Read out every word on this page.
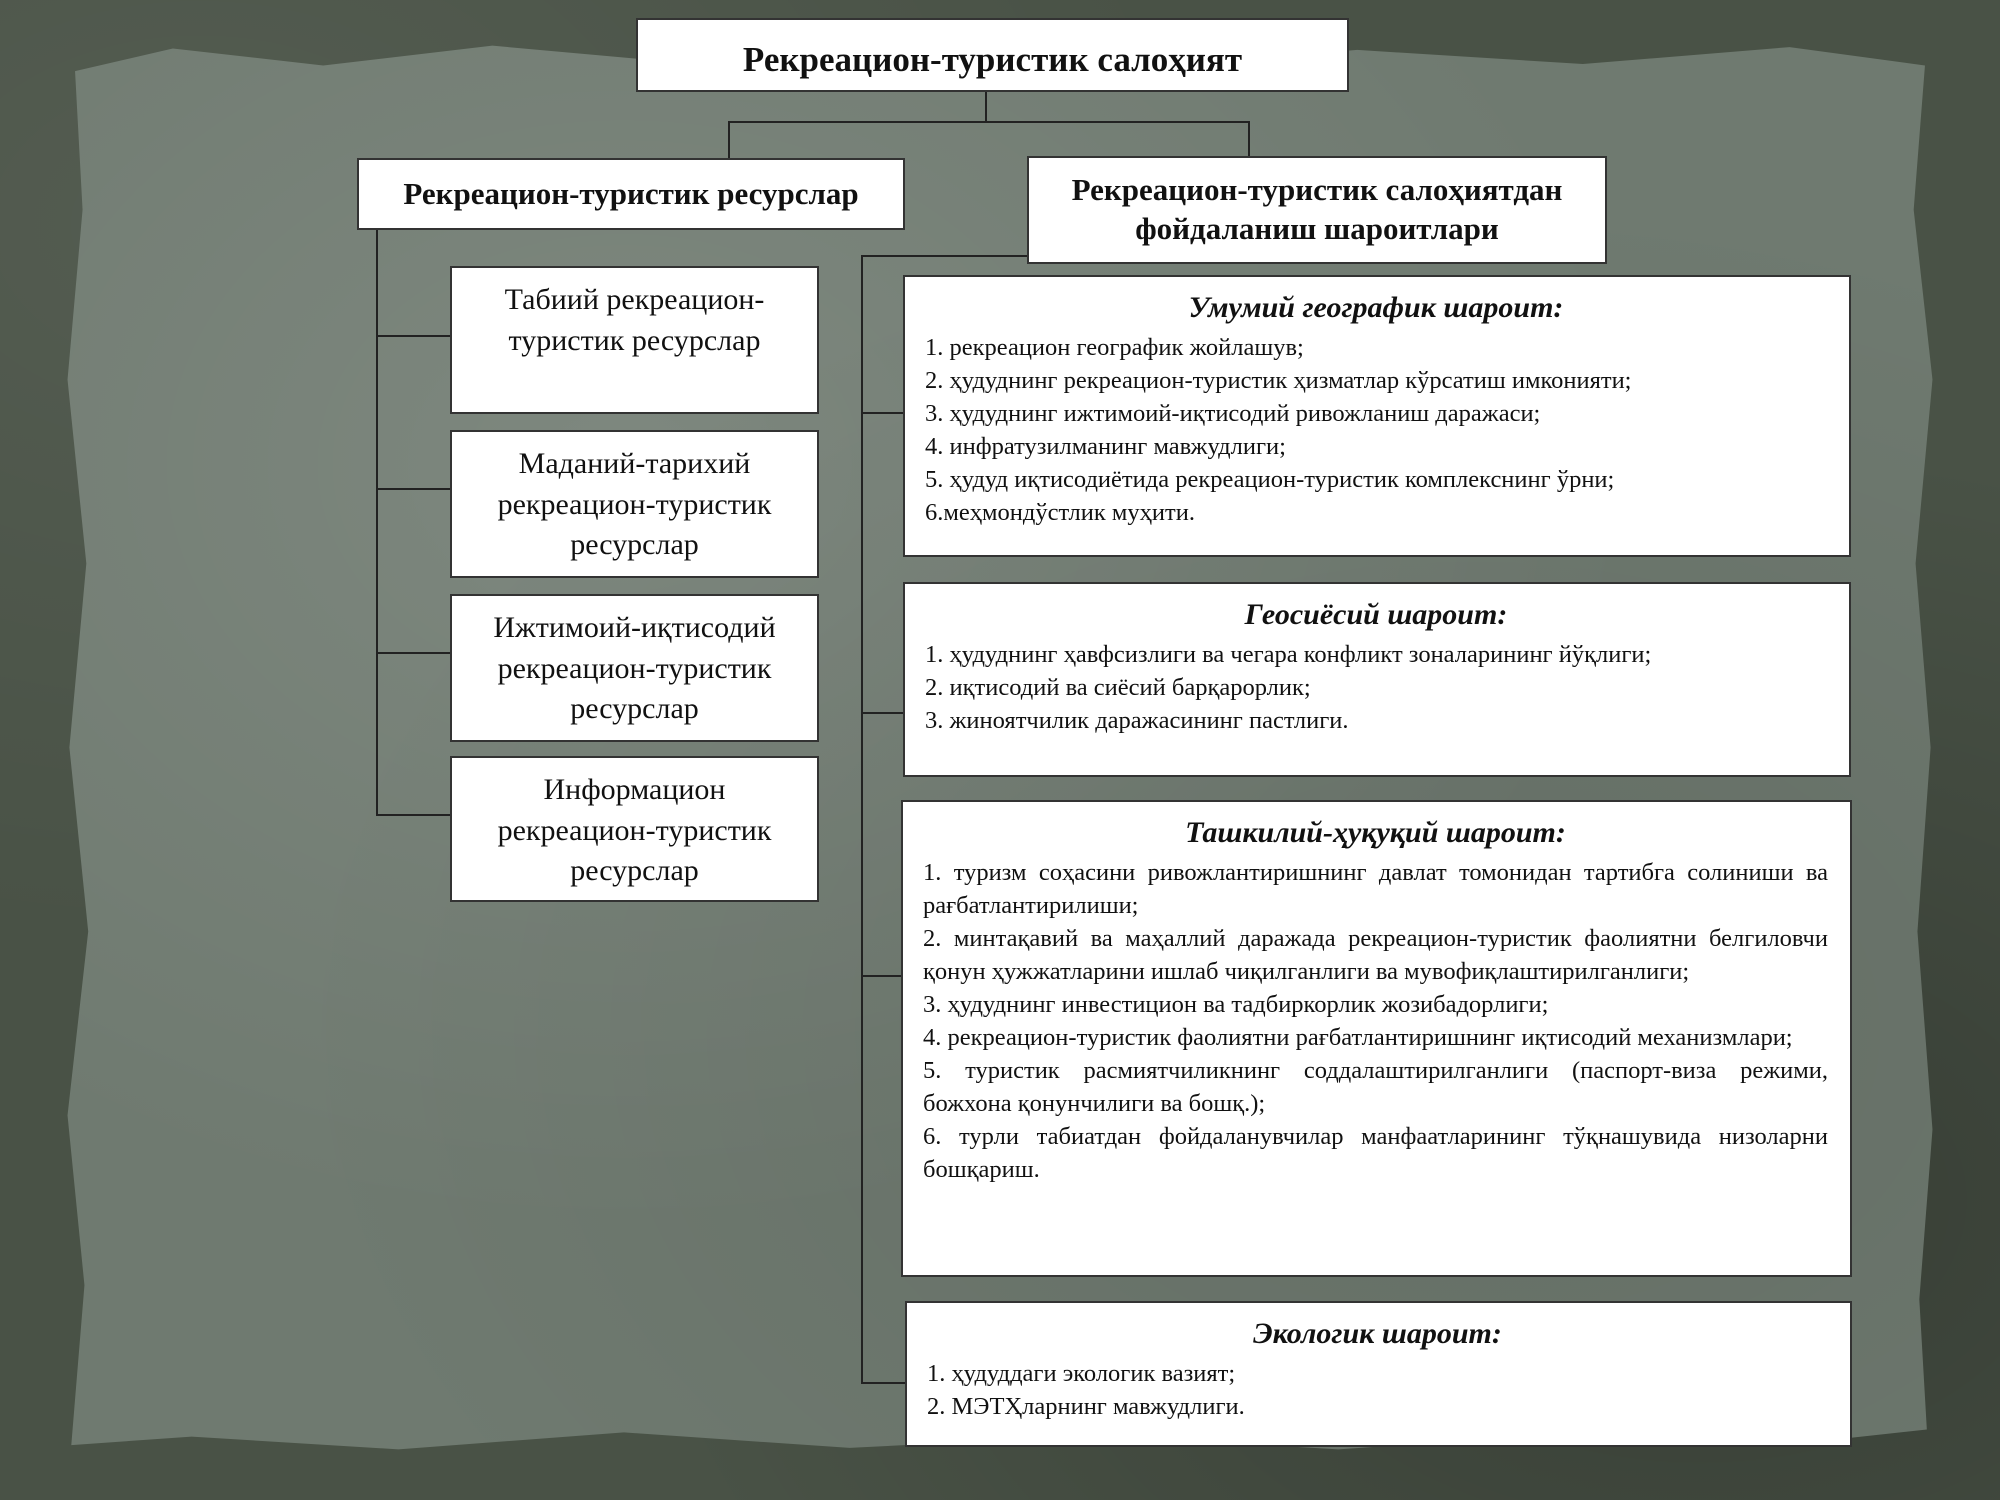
Рекреацион-туристик салоҳият
Рекреацион-туристик ресурслар	Рекреацион-туристик салоҳиятдан фойдаланиш шароитлари
Табиий рекреацион-туристик ресурслар
Маданий-тарихий рекреацион-туристик ресурслар
Ижтимоий-иқтисодий рекреацион-туристик ресурслар
Информацион рекреацион-туристик ресурслар
Умумий географик шароит:
1. рекреацион географик жойлашув;
2. ҳудуднинг рекреацион-туристик ҳизматлар кўрсатиш имконияти;
3. ҳудуднинг ижтимоий-иқтисодий ривожланиш даражаси;
4. инфратузилманинг мавжудлиги;
5. ҳудуд иқтисодиётида рекреацион-туристик комплекснинг ўрни;
6.меҳмондўстлик муҳити.
Геосиёсий шароит:
1. ҳудуднинг ҳавфсизлиги ва чегара конфликт зоналарининг йўқлиги;
2. иқтисодий ва сиёсий барқарорлик;
3. жиноятчилик даражасининг пастлиги.
Ташкилий-ҳуқуқий шароит:
1. туризм соҳасини ривожлантиришнинг давлат томонидан тартибга солиниши ва рағбатлантирилиши;
2. минтақавий ва маҳаллий даражада рекреацион-туристик фаолиятни белгиловчи қонун ҳужжатларини ишлаб чиқилганлиги ва мувофиқлаштирилганлиги;
3. ҳудуднинг инвестицион ва тадбиркорлик жозибадорлиги;
4. рекреацион-туристик фаолиятни рағбатлантиришнинг иқтисодий механизмлари;
5. туристик расмиятчиликнинг соддалаштирилганлиги (паспорт-виза режими, божхона қонунчилиги ва бошқ.);
6. турли табиатдан фойдаланувчилар манфаатларининг тўқнашувида низоларни бошқариш.
Экологик шароит:
1. ҳудуддаги экологик вазият;
2. МЭТҲларнинг мавжудлиги.
